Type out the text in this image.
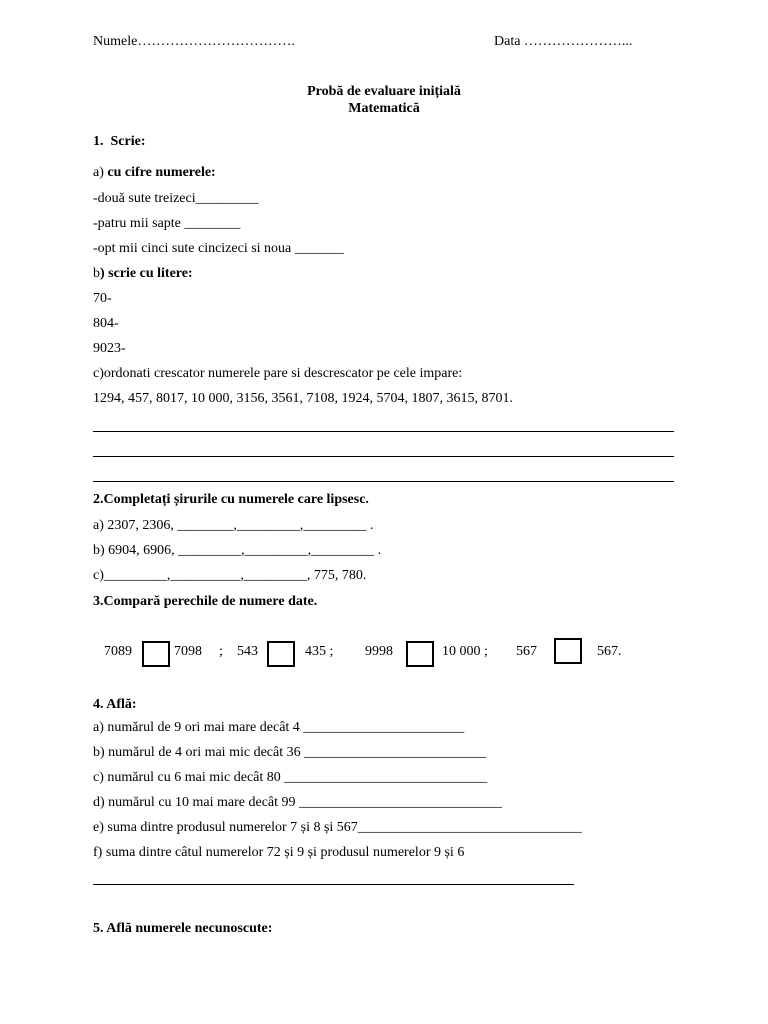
Numele…………………………….	Data …………………...
Probă de evaluare inițială
Matematică
1.  Scrie:
a) cu cifre numerele:
-două sute treizeci_________
-patru mii sapte ________
-opt mii cinci sute cincizeci si noua _______
b) scrie cu litere:
70-
804-
9023-
c)ordonati crescator numerele pare si descrescator pe cele impare:
1294, 457, 8017, 10 000, 3156, 3561, 7108, 1924, 5704, 1807, 3615, 8701.
2.Completați șirurile cu numerele care lipsesc.
a) 2307, 2306, ________,_________,_________ .
b) 6904, 6906, _________,_________,_________ .
c)_________,__________,_________, 775, 780.
3.Compară perechile de numere date.
7089	7098 ; 543	435 ; 9998	10 000 ; 567	567.
4. Află:
a) numărul de 9 ori mai mare decât 4 _______________________
b) numărul de 4 ori mai mic decât 36 __________________________
c) numărul cu 6 mai mic decât 80 _____________________________
d) numărul cu 10 mai mare decât 99 _____________________________
e) suma dintre produsul numerelor 7 și 8 și 567________________________________
f) suma dintre câtul numerelor 72 și 9 și produsul numerelor 9 și 6
5. Află numerele necunoscute:
